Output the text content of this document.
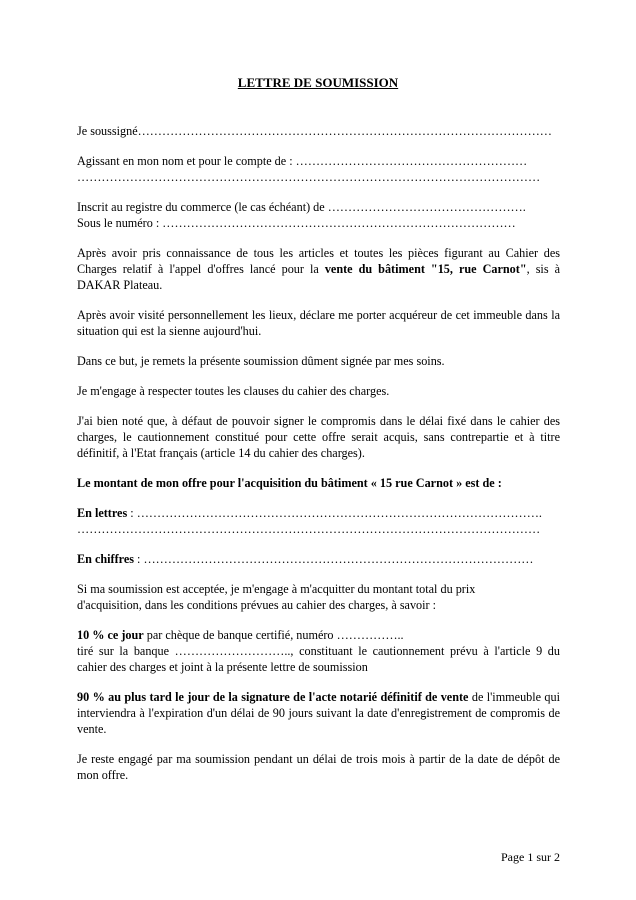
LETTRE DE SOUMISSION

Je soussigné…………………………………………………………………………………………

Agissant en mon nom et pour le compte de : …………………………………………………
……………………………………………………………………………………………………

Inscrit au registre du commerce (le cas échéant) de ………………………………………….
Sous le numéro : ……………………………………………………………………………

Après avoir pris connaissance de tous les articles et toutes les pièces figurant au Cahier des Charges relatif à l'appel d'offres lancé pour la vente du bâtiment "15, rue Carnot", sis à DAKAR Plateau.

Après avoir visité personnellement les lieux, déclare me porter acquéreur de cet immeuble dans la situation qui est la sienne aujourd'hui.

Dans ce but, je remets la présente soumission dûment signée par mes soins.

Je m'engage à respecter toutes les clauses du cahier des charges.

J'ai bien noté que, à défaut de pouvoir signer le compromis dans le délai fixé dans le cahier des charges, le cautionnement constitué pour cette offre serait acquis, sans contrepartie et à titre définitif, à l'Etat français (article 14 du cahier des charges).

Le montant de mon offre pour l'acquisition du bâtiment « 15 rue Carnot » est de :

En lettres : ……………………………………………………………………………………….
……………………………………………………………………………………………………

En chiffres : ……………………………………………………………………………………

Si ma soumission est acceptée, je m'engage à m'acquitter du montant total du prix
d'acquisition, dans les conditions prévues au cahier des charges, à savoir :

10 % ce jour par chèque de banque certifié, numéro ……………..
tiré sur la banque ……………………….., constituant le cautionnement prévu à l'article 9 du cahier des charges et joint à la présente lettre de soumission

90 % au plus tard le jour de la signature de l'acte notarié définitif de vente de l'immeuble qui interviendra à l'expiration d'un délai de 90 jours suivant la date d'enregistrement de compromis de vente.

Je reste engagé par ma soumission pendant un délai de trois mois à partir de la date de dépôt de mon offre.

Page 1 sur 2
